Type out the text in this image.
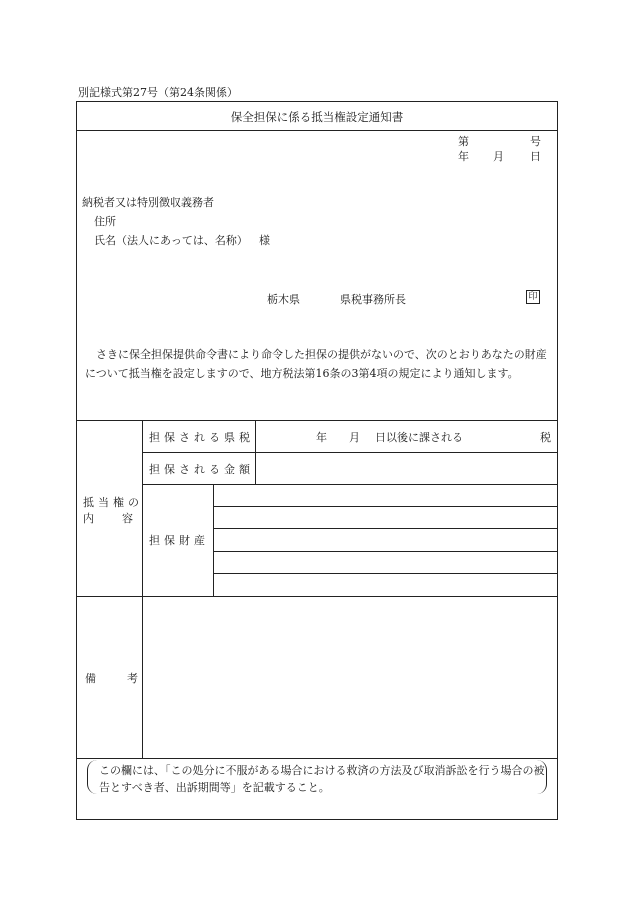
別記様式第27号（第24条関係）
保全担保に係る抵当権設定通知書
第	号
年 月 日
納税者又は特別徴収義務者
住所
氏名（法人にあっては、名称） 様
栃木県	県税事務所長	印
さきに保全担保提供命令書により命令した担保の提供がないので、次のとおりあなたの財産について抵当権を設定しますので、地方税法第16条の3第4項の規定により通知します。
抵当権の
内　　容
担保される県税	年 月 日以後に課される	税
担保される金額
担保財産
備	考
この欄には、「この処分に不服がある場合における救済の方法及び取消訴訟を行う場合の被告とすべき者、出訴期間等」を記載すること。
